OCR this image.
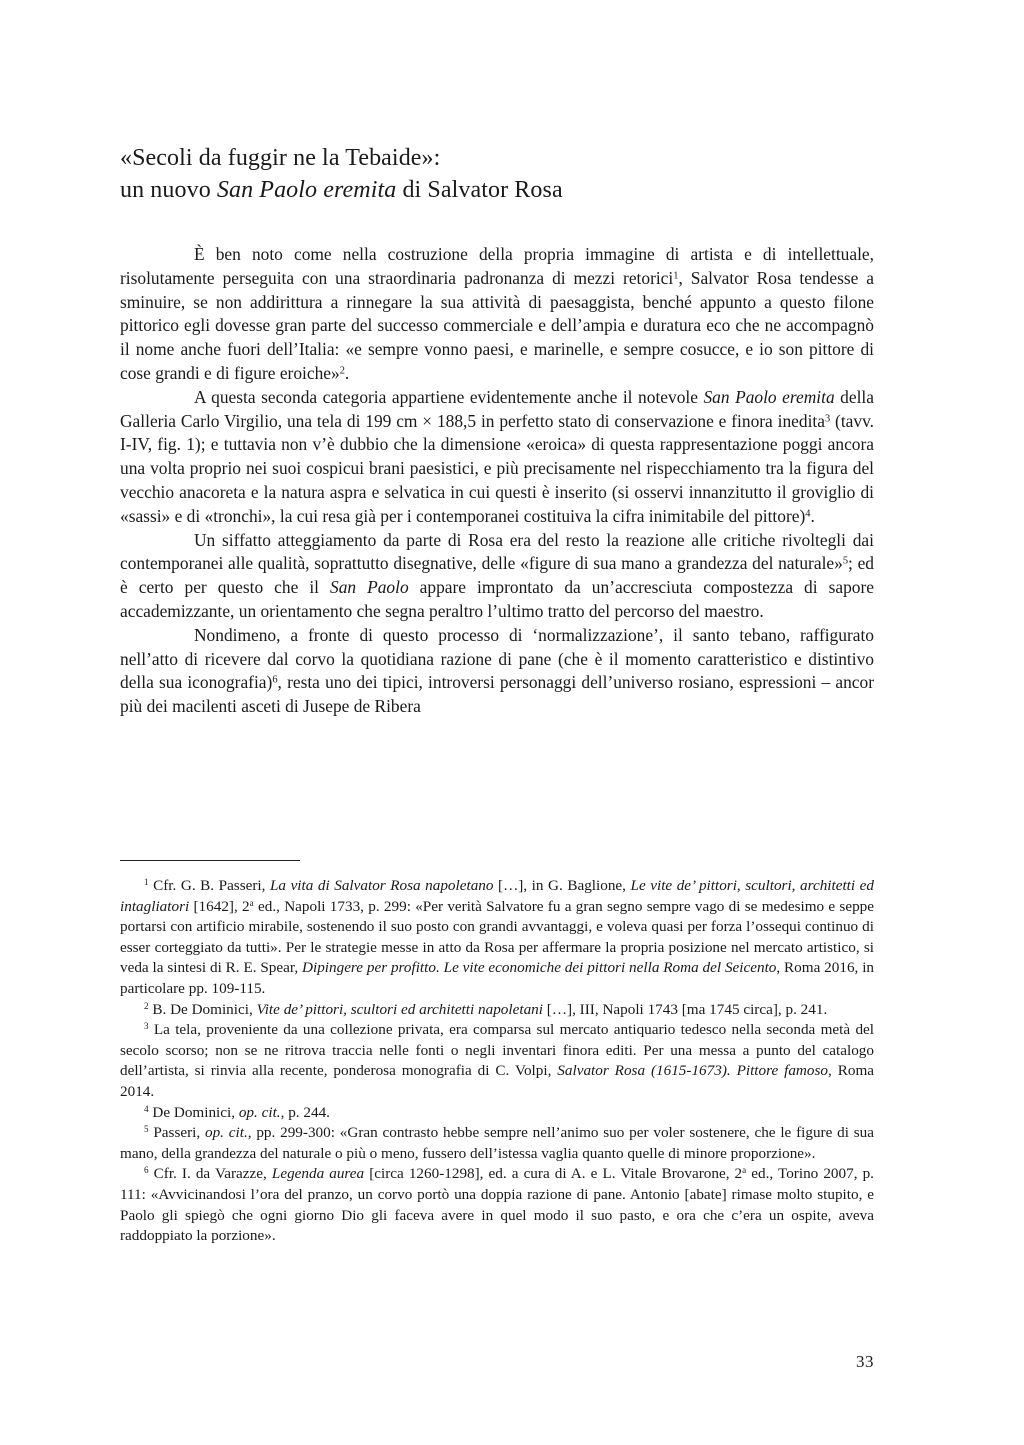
«Secoli da fuggir ne la Tebaide»:
un nuovo San Paolo eremita di Salvator Rosa

È ben noto come nella costruzione della propria immagine di artista e di intellettuale, risolutamente perseguita con una straordinaria padronanza di mezzi retorici$^1$, Salvator Rosa tendesse a sminuire, se non addirittura a rinnegare la sua attività di paesaggista, benché appunto a questo filone pittorico egli dovesse gran parte del successo commerciale e dell’ampia e duratura eco che ne accompagnò il nome anche fuori dell’Italia: «e sempre vonno paesi, e marinelle, e sempre cosucce, e io son pittore di cose grandi e di figure eroiche»$^2$.

A questa seconda categoria appartiene evidentemente anche il notevole San Paolo eremita della Galleria Carlo Virgilio, una tela di 199 cm × 188,5 in perfetto stato di conservazione e finora inedita$^3$ (tavv. I-IV, fig. 1); e tuttavia non v’è dubbio che la dimensione «eroica» di questa rappresentazione poggi ancora una volta proprio nei suoi cospicui brani paesistici, e più precisamente nel rispecchiamento tra la figura del vecchio anacoreta e la natura aspra e selvatica in cui questi è inserito (si osservi innanzitutto il groviglio di «sassi» e di «tronchi», la cui resa già per i contemporanei costituiva la cifra inimitabile del pittore)$^4$.

Un siffatto atteggiamento da parte di Rosa era del resto la reazione alle critiche rivoltegli dai contemporanei alle qualità, soprattutto disegnative, delle «figure di sua mano a grandezza del naturale»$^5$; ed è certo per questo che il San Paolo appare improntato da un’accresciuta compostezza di sapore accademizzante, un orientamento che segna peraltro l’ultimo tratto del percorso del maestro.

Nondimeno, a fronte di questo processo di ‘normalizzazione’, il santo tebano, raffigurato nell’atto di ricevere dal corvo la quotidiana razione di pane (che è il momento caratteristico e distintivo della sua iconografia)$^6$, resta uno dei tipici, introversi personaggi dell’universo rosiano, espressioni – ancor più dei macilenti asceti di Jusepe de Ribera

$^1$ Cfr. G. B. Passeri, La vita di Salvator Rosa napoletano […], in G. Baglione, Le vite de’ pittori, scultori, architetti ed intagliatori [1642], 2$^a$ ed., Napoli 1733, p. 299: «Per verità Salvatore fu a gran segno sempre vago di se medesimo e seppe portarsi con artificio mirabile, sostenendo il suo posto con grandi avvantaggi, e voleva quasi per forza l’ossequi continuo di esser corteggiato da tutti». Per le strategie messe in atto da Rosa per affermare la propria posizione nel mercato artistico, si veda la sintesi di R. E. Spear, Dipingere per profitto. Le vite economiche dei pittori nella Roma del Seicento, Roma 2016, in particolare pp. 109-115.

$^2$ B. De Dominici, Vite de’ pittori, scultori ed architetti napoletani […], III, Napoli 1743 [ma 1745 circa], p. 241.

$^3$ La tela, proveniente da una collezione privata, era comparsa sul mercato antiquario tedesco nella seconda metà del secolo scorso; non se ne ritrova traccia nelle fonti o negli inventari finora editi. Per una messa a punto del catalogo dell’artista, si rinvia alla recente, ponderosa monografia di C. Volpi, Salvator Rosa (1615-1673). Pittore famoso, Roma 2014.

$^4$ De Dominici, op. cit., p. 244.

$^5$ Passeri, op. cit., pp. 299-300: «Gran contrasto hebbe sempre nell’animo suo per voler sostenere, che le figure di sua mano, della grandezza del naturale o più o meno, fussero dell’istessa vaglia quanto quelle di minore proporzione».

$^6$ Cfr. I. da Varazze, Legenda aurea [circa 1260-1298], ed. a cura di A. e L. Vitale Brovarone, 2$^a$ ed., Torino 2007, p. 111: «Avvicinandosi l’ora del pranzo, un corvo portò una doppia razione di pane. Antonio [abate] rimase molto stupito, e Paolo gli spiegò che ogni giorno Dio gli faceva avere in quel modo il suo pasto, e ora che c’era un ospite, aveva raddoppiato la porzione».

33
